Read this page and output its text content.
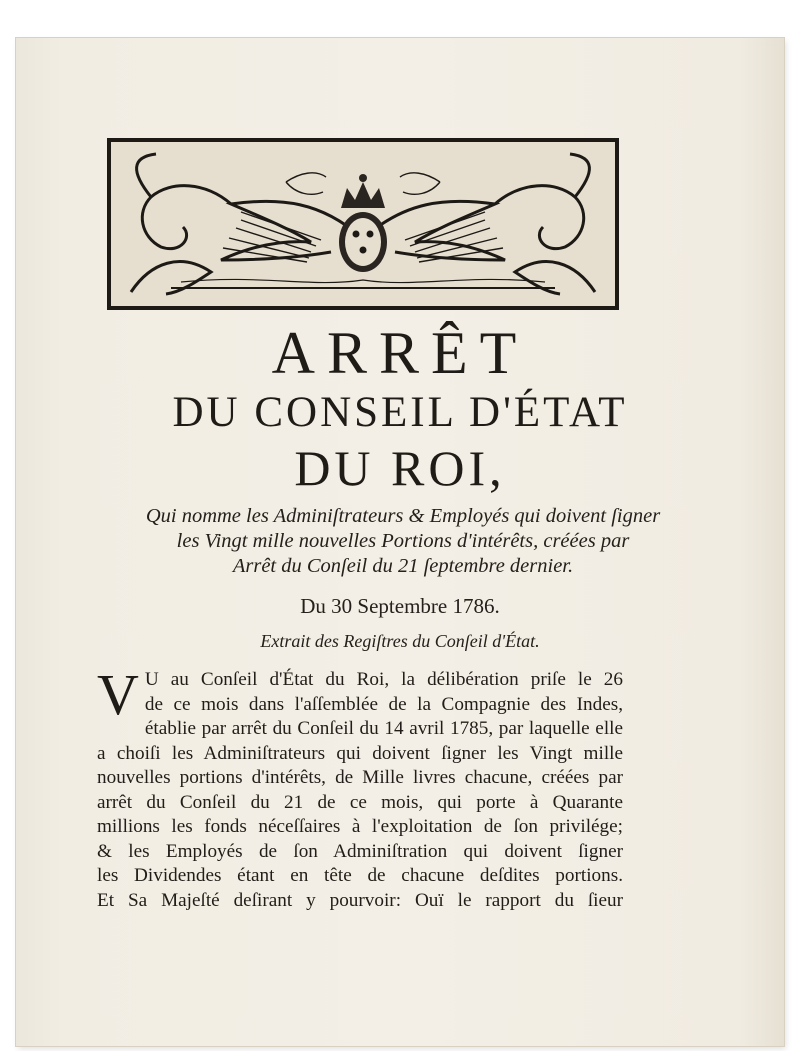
ARRÊT
DU CONSEIL D'ÉTAT
DU ROI,
Qui nomme les Adminiſtrateurs & Employés qui doivent ſigner
les Vingt mille nouvelles Portions d'intérêts, créées par
Arrêt du Conſeil du 21 ſeptembre dernier.
Du 30 Septembre 1786.
Extrait des Regiſtres du Conſeil d'État.
V U au Conſeil d'État du Roi, la délibération priſe le 26
de ce mois dans l'aſſemblée de la Compagnie des Indes,
établie par arrêt du Conſeil du 14 avril 1785, par laquelle elle
a choiſi les Adminiſtrateurs qui doivent ſigner les Vingt mille
nouvelles portions d'intérêts, de Mille livres chacune, créées par
arrêt du Conſeil du 21 de ce mois, qui porte à Quarante
millions les fonds néceſſaires à l'exploitation de ſon privilége;
& les Employés de ſon Adminiſtration qui doivent ſigner
les Dividendes étant en tête de chacune deſdites portions.
Et Sa Majeſté deſirant y pourvoir: Ouï le rapport du ſieur
